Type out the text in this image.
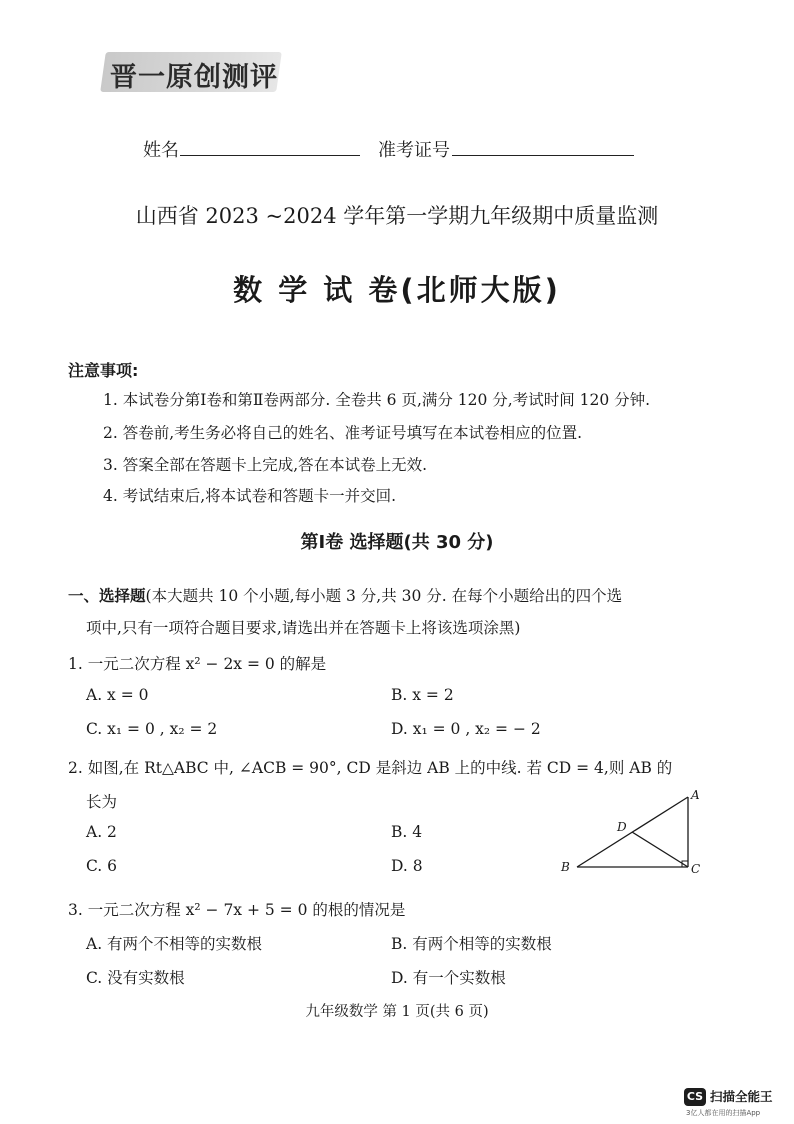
晋一原创测评
姓名	准考证号
山西省 2023 ~2024 学年第一学期九年级期中质量监测
数 学 试 卷(北师大版)
注意事项:
1. 本试卷分第Ⅰ卷和第Ⅱ卷两部分. 全卷共 6 页,满分 120 分,考试时间 120 分钟.
2. 答卷前,考生务必将自己的姓名、准考证号填写在本试卷相应的位置.
3. 答案全部在答题卡上完成,答在本试卷上无效.
4. 考试结束后,将本试卷和答题卡一并交回.
第Ⅰ卷 选择题(共 30 分)
一、选择题(本大题共 10 个小题,每小题 3 分,共 30 分. 在每个小题给出的四个选
项中,只有一项符合题目要求,请选出并在答题卡上将该选项涂黑)
1. 一元二次方程 x² − 2x = 0 的解是
A. x = 0	B. x = 2
C. x₁ = 0 , x₂ = 2	D. x₁ = 0 , x₂ = − 2
2. 如图,在 Rt△ABC 中, ∠ACB = 90°, CD 是斜边 AB 上的中线. 若 CD = 4,则 AB 的
长为
A. 2	B. 4
C. 6	D. 8
A
B	C
D
3. 一元二次方程 x² − 7x + 5 = 0 的根的情况是
A. 有两个不相等的实数根	B. 有两个相等的实数根
C. 没有实数根	D. 有一个实数根
九年级数学 第 1 页(共 6 页)
CS 扫描全能王
3亿人都在用的扫描App
